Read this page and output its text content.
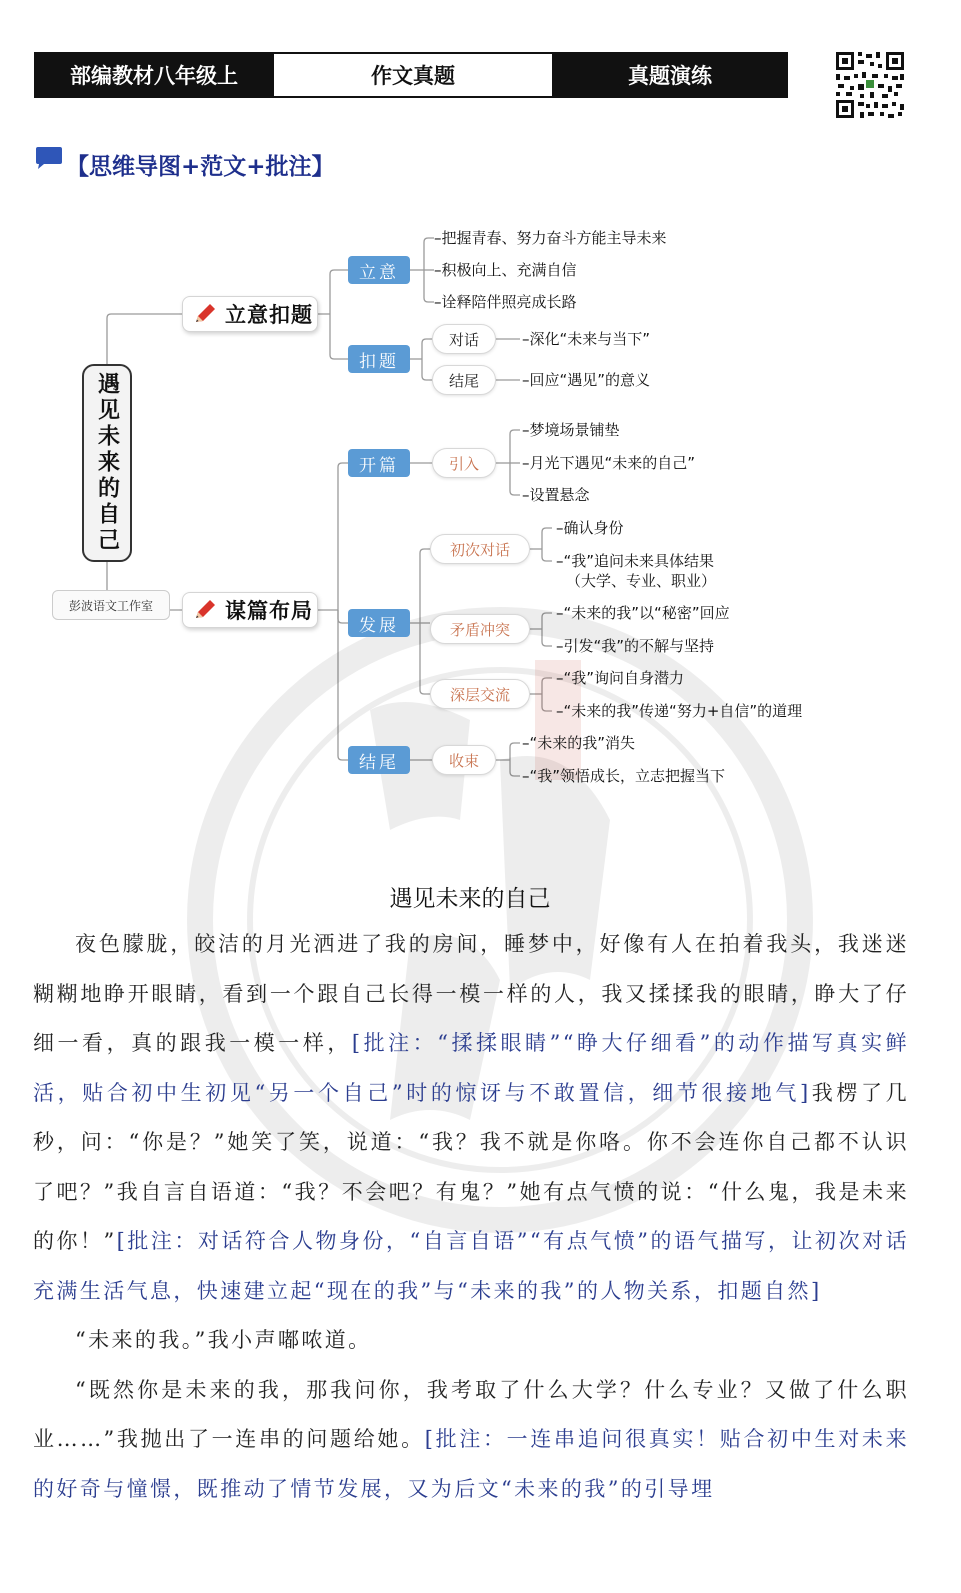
部编教材八年级上	作文真题	真题演练
【思维导图+范文+批注】
遇见未来的自己
彭波语文工作室
立意扣题
谋篇布局
立意
扣题
–把握青春、努力奋斗方能主导未来
–积极向上、充满自信
–诠释陪伴照亮成长路
对话
结尾
–深化“未来与当下”
–回应“遇见”的意义
开篇
发展
结尾
引入
–梦境场景铺垫
–月光下遇见“未来的自己”
–设置悬念
初次对话
矛盾冲突
深层交流
–确认身份
–“我”追问未来具体结果
（大学、专业、职业）
–“未来的我”以“秘密”回应
–引发“我”的不解与坚持
–“我”询问自身潜力
–“未来的我”传递“努力+自信”的道理
收束
–“未来的我”消失
–“我”领悟成长，立志把握当下
遇见未来的自己

夜色朦胧，皎洁的月光洒进了我的房间，睡梦中，好像有人在拍着我头，我迷迷糊糊地睁开眼睛，看到一个跟自己长得一模一样的人，我又揉揉我的眼睛，睁大了仔细一看，真的跟我一模一样，[批注：“揉揉眼睛”“睁大仔细看”的动作描写真实鲜活，贴合初中生初见“另一个自己”时的惊讶与不敢置信，细节很接地气]我楞了几秒，问：“你是？”她笑了笑，说道：“我？我不就是你咯。你不会连你自己都不认识了吧？”我自言自语道：“我？不会吧？有鬼？”她有点气愤的说：“什么鬼，我是未来的你！”[批注：对话符合人物身份，“自言自语”“有点气愤”的语气描写，让初次对话充满生活气息，快速建立起“现在的我”与“未来的我”的人物关系，扣题自然]

“未来的我。”我小声嘟哝道。

“既然你是未来的我，那我问你，我考取了什么大学？什么专业？又做了什么职业……”我抛出了一连串的问题给她。[批注：一连串追问很真实！贴合初中生对未来的好奇与憧憬，既推动了情节发展，又为后文“未来的我”的引导埋
